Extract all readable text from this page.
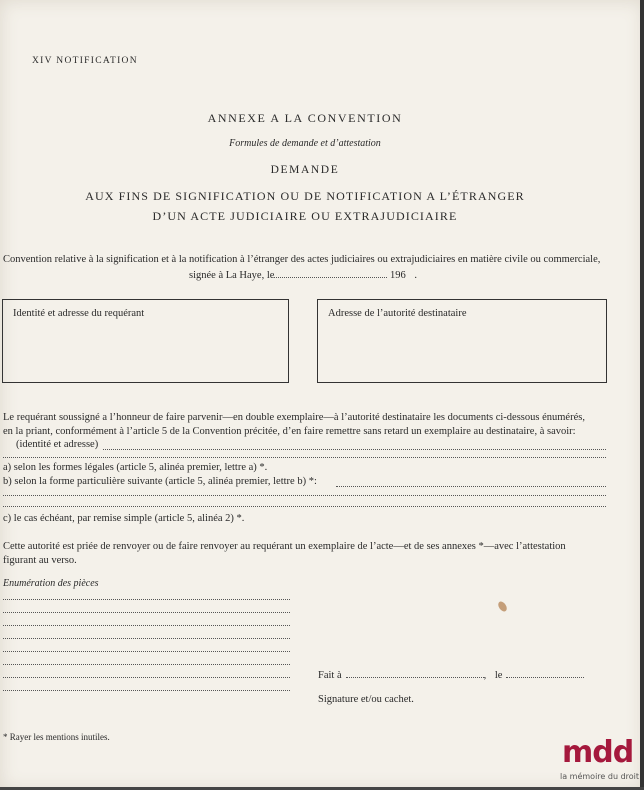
XIV NOTIFICATION
ANNEXE A LA CONVENTION
Formules de demande et d’attestation
DEMANDE
AUX FINS DE SIGNIFICATION OU DE NOTIFICATION A L’ÉTRANGER
D’UN ACTE JUDICIAIRE OU EXTRAJUDICIAIRE
Convention relative à la signification et à la notification à l’étranger des actes judiciaires ou extrajudiciaires en matière civile ou commerciale,
signée à La Haye, le	196 .
Identité et adresse du requérant	Adresse de l’autorité destinataire
Le requérant soussigné a l’honneur de faire parvenir—en double exemplaire—à l’autorité destinataire les documents ci-dessous énumérés,
en la priant, conformément à l’article 5 de la Convention précitée, d’en faire remettre sans retard un exemplaire au destinataire, à savoir:
(identité et adresse)
a) selon les formes légales (article 5, alinéa premier, lettre a) *.
b) selon la forme particulière suivante (article 5, alinéa premier, lettre b) *:
c) le cas échéant, par remise simple (article 5, alinéa 2) *.
Cette autorité est priée de renvoyer ou de faire renvoyer au requérant un exemplaire de l’acte—et de ses annexes *—avec l’attestation
figurant au verso.
Enumération des pièces
Fait à	, le
Signature et/ou cachet.
* Rayer les mentions inutiles.	mdd
la mémoire du droit
